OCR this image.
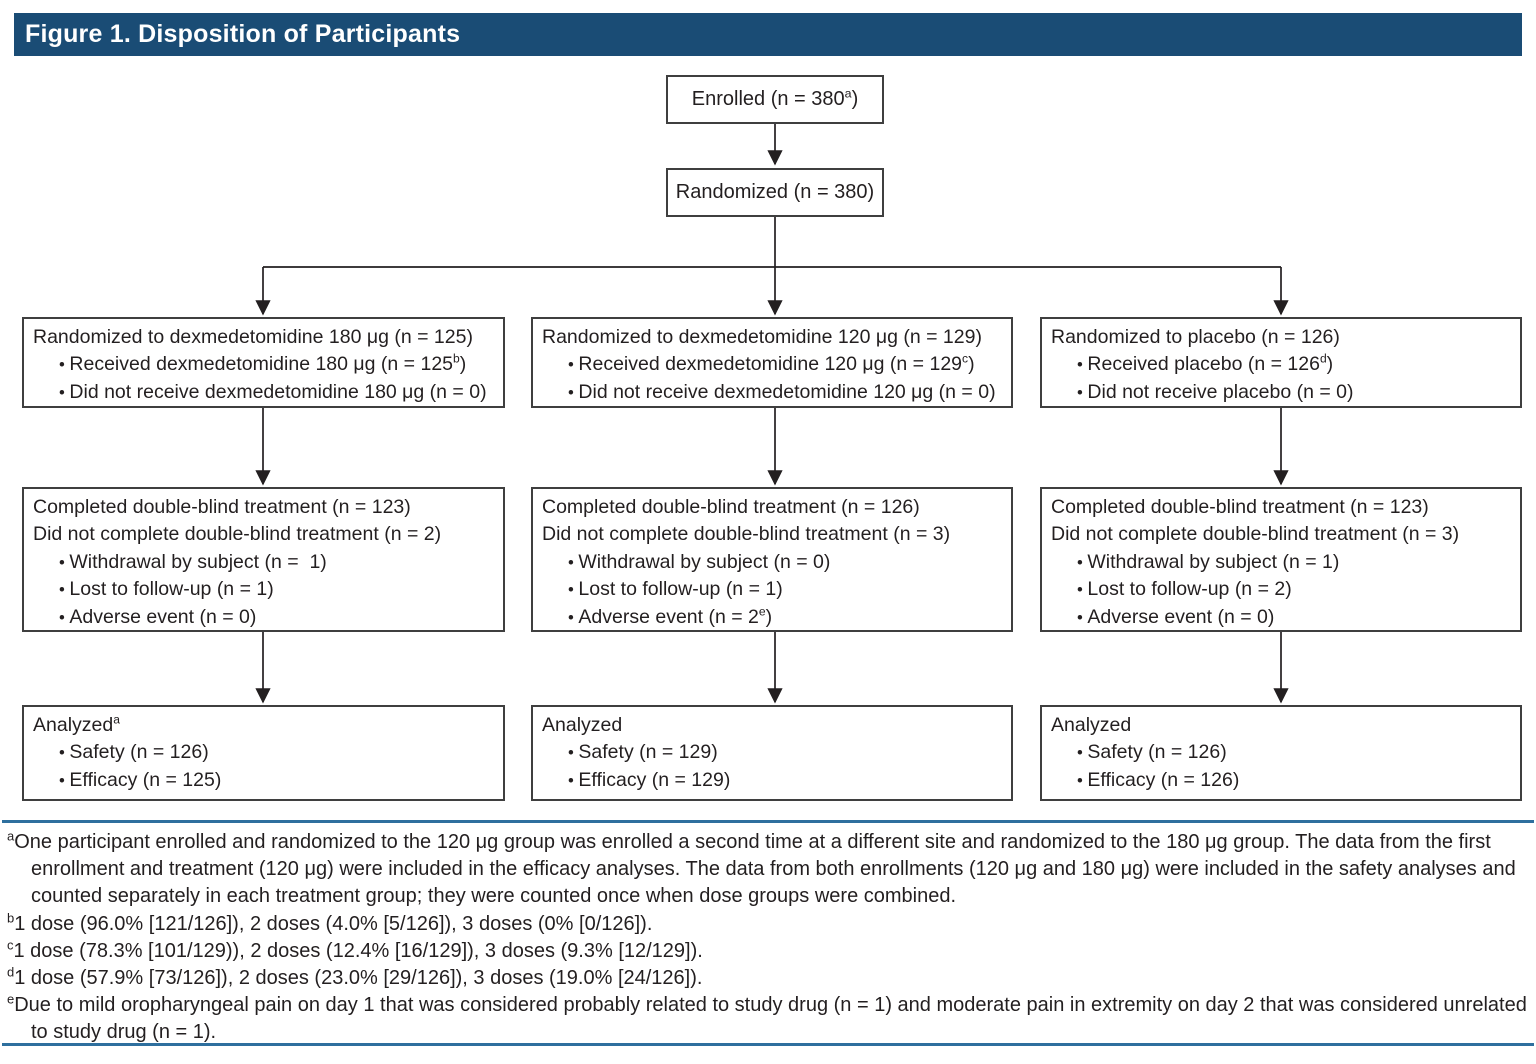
Figure 1. Disposition of Participants
Enrolled $(n = 380^a)$
Randomized (n = 380)
Randomized to dexmedetomidine 180 μg (n = 125)
• Received dexmedetomidine 180 μg $(n = 125^b)$
• Did not receive dexmedetomidine 180 μg (n = 0)
Randomized to dexmedetomidine 120 μg (n = 129)
• Received dexmedetomidine 120 μg $(n = 129^c)$
• Did not receive dexmedetomidine 120 μg (n = 0)
Randomized to placebo (n = 126)
• Received placebo $(n = 126^d)$
• Did not receive placebo (n = 0)
Completed double-blind treatment (n = 123)
Did not complete double-blind treatment (n = 2)
• Withdrawal by subject (n =  1)
• Lost to follow-up (n = 1)
• Adverse event (n = 0)
Completed double-blind treatment (n = 126)
Did not complete double-blind treatment (n = 3)
• Withdrawal by subject (n = 0)
• Lost to follow-up (n = 1)
• Adverse event $(n = 2^e)$
Completed double-blind treatment (n = 123)
Did not complete double-blind treatment (n = 3)
• Withdrawal by subject (n = 1)
• Lost to follow-up (n = 2)
• Adverse event (n = 0)
Analyzed$^a$
• Safety (n = 126)
• Efficacy (n = 125)
Analyzed
• Safety (n = 129)
• Efficacy (n = 129)
Analyzed
• Safety (n = 126)
• Efficacy (n = 126)
$^a$One participant enrolled and randomized to the 120 μg group was enrolled a second time at a different site and randomized to the 180 μg group. The data from the first enrollment and treatment (120 μg) were included in the efficacy analyses. The data from both enrollments (120 μg and 180 μg) were included in the safety analyses and counted separately in each treatment group; they were counted once when dose groups were combined.
$^b$1 dose (96.0% [121/126]), 2 doses (4.0% [5/126]), 3 doses (0% [0/126]).
$^c$1 dose (78.3% [101/129)), 2 doses (12.4% [16/129]), 3 doses (9.3% [12/129]).
$^d$1 dose (57.9% [73/126]), 2 doses (23.0% [29/126]), 3 doses (19.0% [24/126]).
$^e$Due to mild oropharyngeal pain on day 1 that was considered probably related to study drug (n = 1) and moderate pain in extremity on day 2 that was considered unrelated to study drug (n = 1).
